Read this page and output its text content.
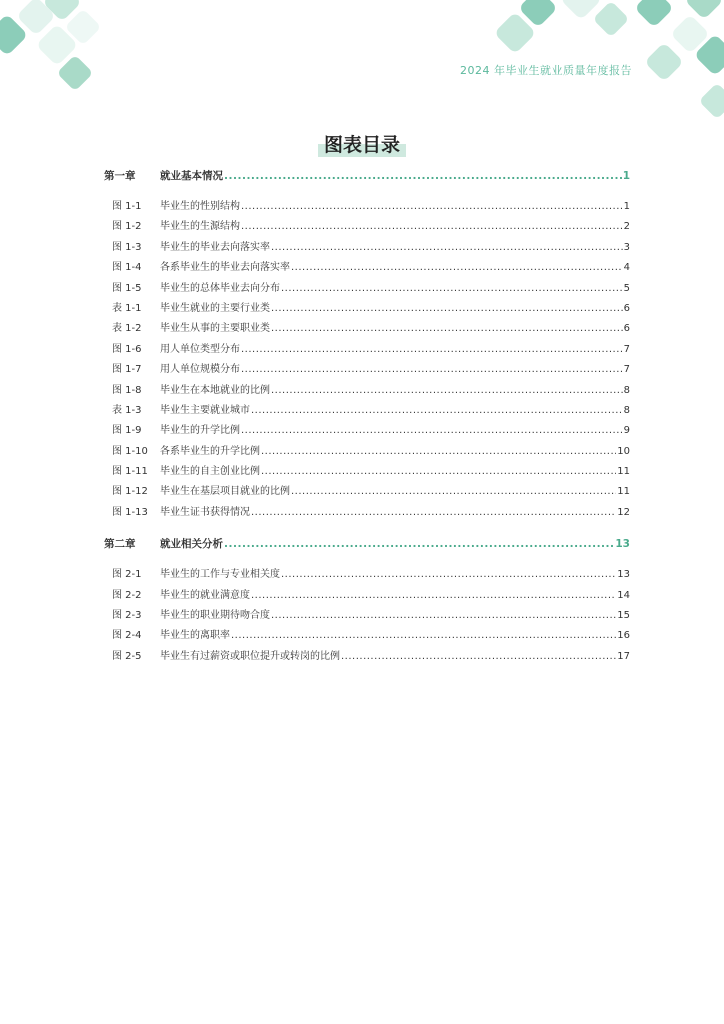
2024 年毕业生就业质量年度报告
图表目录
第一章 就业基本情况 .....	1
图 1-1 毕业生的性别结构 .....	1
图 1-2 毕业生的生源结构 .....	2
图 1-3 毕业生的毕业去向落实率 .....	3
图 1-4 各系毕业生的毕业去向落实率 .....	4
图 1-5 毕业生的总体毕业去向分布 .....	5
表 1-1 毕业生就业的主要行业类 .....	6
表 1-2 毕业生从事的主要职业类 .....	6
图 1-6 用人单位类型分布 .....	7
图 1-7 用人单位规模分布 .....	7
图 1-8 毕业生在本地就业的比例 .....	8
表 1-3 毕业生主要就业城市 .....	8
图 1-9 毕业生的升学比例 .....	9
图 1-10 各系毕业生的升学比例 .....	10
图 1-11 毕业生的自主创业比例 .....	11
图 1-12 毕业生在基层项目就业的比例 .....	11
图 1-13 毕业生证书获得情况 .....	12
第二章 就业相关分析 .....	13
图 2-1 毕业生的工作与专业相关度 .....	13
图 2-2 毕业生的就业满意度 .....	14
图 2-3 毕业生的职业期待吻合度 .....	15
图 2-4 毕业生的离职率 .....	16
图 2-5 毕业生有过薪资或职位提升或转岗的比例 .....	17
